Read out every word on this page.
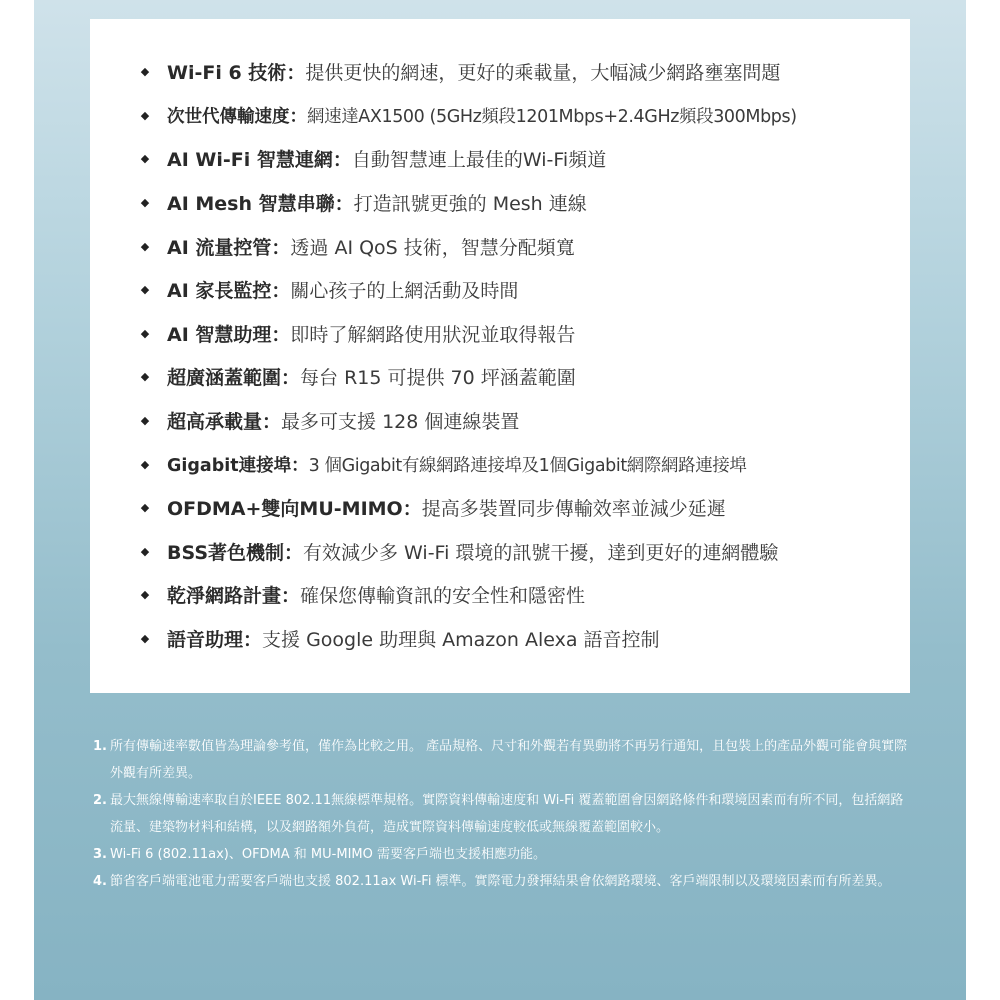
◆ Wi-Fi 6 技術 ： 提供更快的網速，更好的乘載量，大幅減少網路壅塞問題
◆	次世代傳輸速度 ： 網速達AX1500 (5GHz頻段1201Mbps+2.4GHz頻段300Mbps)
◆ AI Wi-Fi 智慧連網 ： 自動智慧連上最佳的Wi-Fi頻道
◆ AI Mesh 智慧串聯 ： 打造訊號更強的 Mesh 連線
◆ AI 流量控管 ： 透過 AI QoS 技術，智慧分配頻寬
◆ AI 家長監控 ： 關心孩子的上網活動及時間
◆ AI 智慧助理 ： 即時了解網路使用狀況並取得報告
◆ 超廣涵蓋範圍 ： 每台 R15 可提供 70 坪涵蓋範圍
◆ 超高承載量 ： 最多可支援 128 個連線裝置
◆	Gigabit連接埠 ： 3 個Gigabit有線網路連接埠及1個Gigabit網際網路連接埠
◆ OFDMA+雙向MU-MIMO ： 提高多裝置同步傳輸效率並減少延遲
◆ BSS著色機制 ： 有效減少多 Wi-Fi 環境的訊號干擾，達到更好的連網體驗
◆ 乾淨網路計畫 ： 確保您傳輸資訊的安全性和隱密性
◆ 語音助理 ： 支援 Google 助理與 Amazon Alexa 語音控制
1. 所有傳輸速率數值皆為理論參考值，僅作為比較之用。 產品規格、尺寸和外觀若有異動將不再另行通知，且包裝上的產品外觀可能會與實際外觀有所差異。
2. 最大無線傳輸速率取自於IEEE 802.11無線標準規格。實際資料傳輸速度和 Wi-Fi 覆蓋範圍會因網路條件和環境因素而有所不同，包括網路流量、建築物材料和結構，以及網路額外負荷，造成實際資料傳輸速度較低或無線覆蓋範圍較小。
3. Wi-Fi 6 (802.11ax)、OFDMA 和 MU-MIMO 需要客戶端也支援相應功能。
4. 節省客戶端電池電力需要客戶端也支援 802.11ax Wi-Fi 標準。實際電力發揮結果會依網路環境、客戶端限制以及環境因素而有所差異。
